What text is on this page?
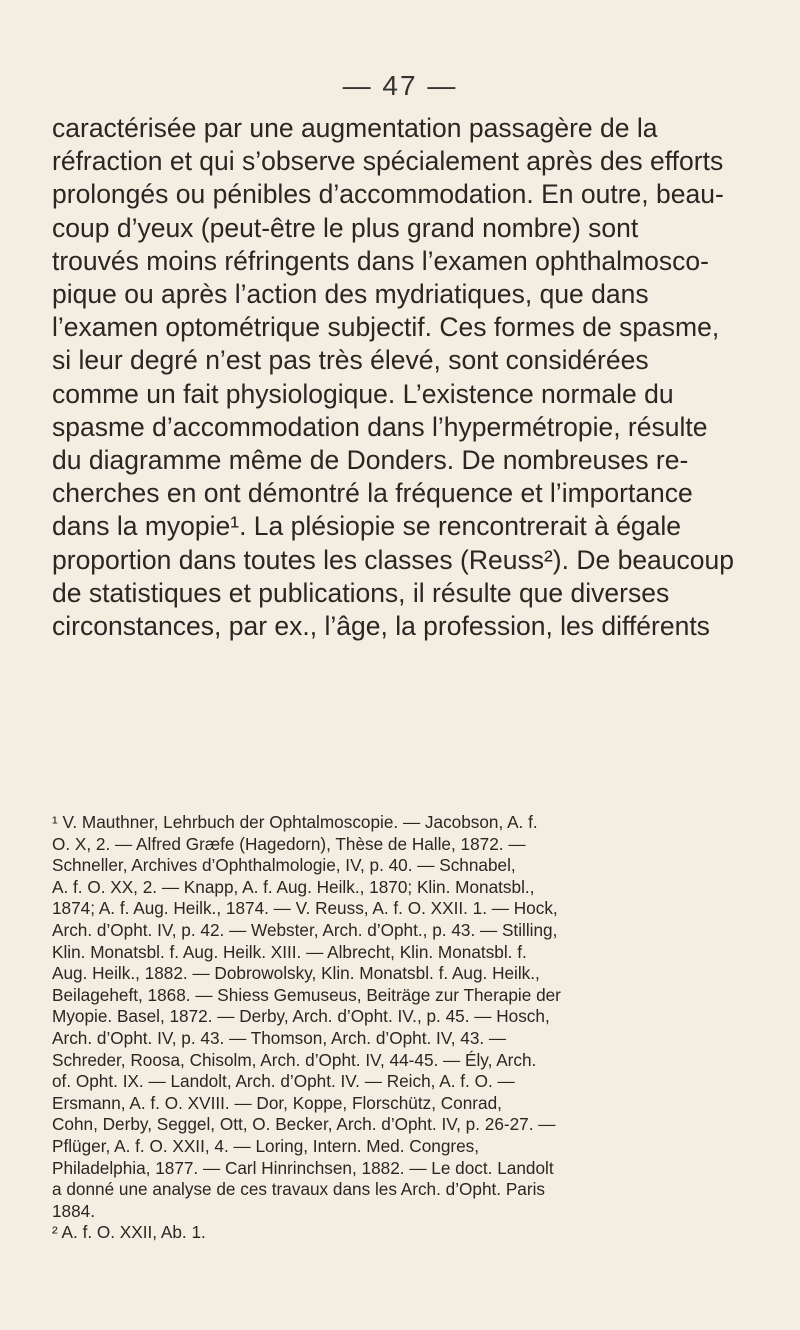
— 47 —

caractérisée par une augmentation passagère de la
réfraction et qui s’observe spécialement après des efforts
prolongés ou pénibles d’accommodation. En outre, beau-
coup d’yeux (peut-être le plus grand nombre) sont
trouvés moins réfringents dans l’examen ophthalmosco-
pique ou après l’action des mydriatiques, que dans
l’examen optométrique subjectif. Ces formes de spasme,
si leur degré n’est pas très élevé, sont considérées
comme un fait physiologique. L’existence normale du
spasme d’accommodation dans l’hypermétropie, résulte
du diagramme même de Donders. De nombreuses re-
cherches en ont démontré la fréquence et l’importance
dans la myopie¹. La plésiopie se rencontrerait à égale
proportion dans toutes les classes (Reuss²). De beaucoup
de statistiques et publications, il résulte que diverses
circonstances, par ex., l’âge, la profession, les différents

¹ V. Mauthner, Lehrbuch der Ophtalmoscopie. — Jacobson, A. f.
O. X, 2. — Alfred Græfe (Hagedorn), Thèse de Halle, 1872. —
Schneller, Archives d’Ophthalmologie, IV, p. 40. — Schnabel,
A. f. O. XX, 2. — Knapp, A. f. Aug. Heilk., 1870; Klin. Monatsbl.,
1874; A. f. Aug. Heilk., 1874. — V. Reuss, A. f. O. XXII. 1. — Hock,
Arch. d’Opht. IV, p. 42. — Webster, Arch. d’Opht., p. 43. — Stilling,
Klin. Monatsbl. f. Aug. Heilk. XIII. — Albrecht, Klin. Monatsbl. f.
Aug. Heilk., 1882. — Dobrowolsky, Klin. Monatsbl. f. Aug. Heilk.,
Beilageheft, 1868. — Shiess Gemuseus, Beiträge zur Therapie der
Myopie. Basel, 1872. — Derby, Arch. d’Opht. IV., p. 45. — Hosch,
Arch. d’Opht. IV, p. 43. — Thomson, Arch. d’Opht. IV, 43. —
Schreder, Roosa, Chisolm, Arch. d’Opht. IV, 44-45. — Ély, Arch.
of. Opht. IX. — Landolt, Arch. d’Opht. IV. — Reich, A. f. O. —
Ersmann, A. f. O. XVIII. — Dor, Koppe, Florschütz, Conrad,
Cohn, Derby, Seggel, Ott, O. Becker, Arch. d’Opht. IV, p. 26-27. —
Pflüger, A. f. O. XXII, 4. — Loring, Intern. Med. Congres,
Philadelphia, 1877. — Carl Hinrinchsen, 1882. — Le doct. Landolt
a donné une analyse de ces travaux dans les Arch. d’Opht. Paris
1884.
² A. f. O. XXII, Ab. 1.
